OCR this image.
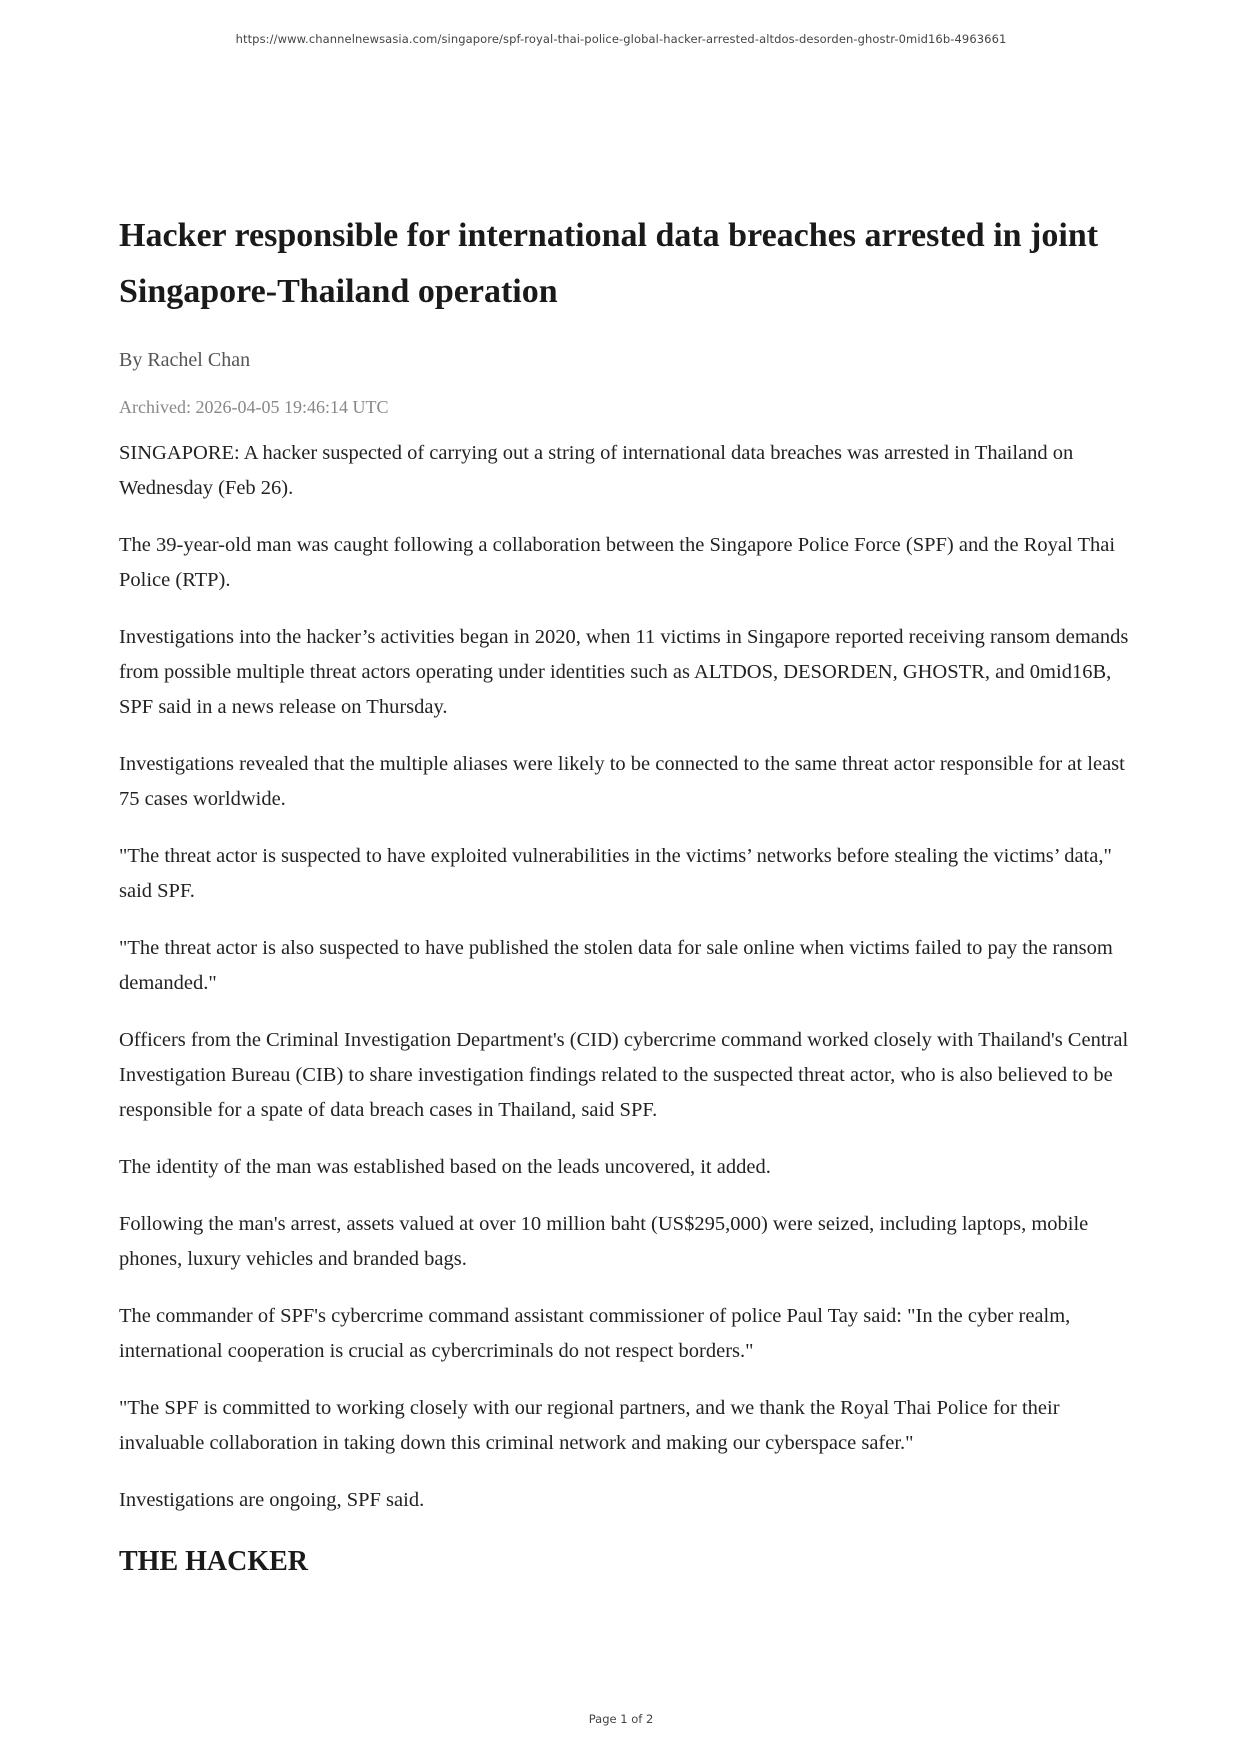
https://www.channelnewsasia.com/singapore/spf-royal-thai-police-global-hacker-arrested-altdos-desorden-ghostr-0mid16b-4963661
Hacker responsible for international data breaches arrested in joint Singapore-Thailand operation
By Rachel Chan
Archived: 2026-04-05 19:46:14 UTC

SINGAPORE: A hacker suspected of carrying out a string of international data breaches was arrested in Thailand on Wednesday (Feb 26).

The 39-year-old man was caught following a collaboration between the Singapore Police Force (SPF) and the Royal Thai Police (RTP).

Investigations into the hacker’s activities began in 2020, when 11 victims in Singapore reported receiving ransom demands from possible multiple threat actors operating under identities such as ALTDOS, DESORDEN, GHOSTR, and 0mid16B, SPF said in a news release on Thursday.

Investigations revealed that the multiple aliases were likely to be connected to the same threat actor responsible for at least 75 cases worldwide.

"The threat actor is suspected to have exploited vulnerabilities in the victims’ networks before stealing the victims’ data," said SPF.

"The threat actor is also suspected to have published the stolen data for sale online when victims failed to pay the ransom demanded."

Officers from the Criminal Investigation Department's (CID) cybercrime command worked closely with Thailand's Central Investigation Bureau (CIB) to share investigation findings related to the suspected threat actor, who is also believed to be responsible for a spate of data breach cases in Thailand, said SPF.

The identity of the man was established based on the leads uncovered, it added.

Following the man's arrest, assets valued at over 10 million baht (US$295,000) were seized, including laptops, mobile phones, luxury vehicles and branded bags.

The commander of SPF's cybercrime command assistant commissioner of police Paul Tay said: "In the cyber realm, international cooperation is crucial as cybercriminals do not respect borders."

"The SPF is committed to working closely with our regional partners, and we thank the Royal Thai Police for their invaluable collaboration in taking down this criminal network and making our cyberspace safer."

Investigations are ongoing, SPF said.

THE HACKER
Page 1 of 2
